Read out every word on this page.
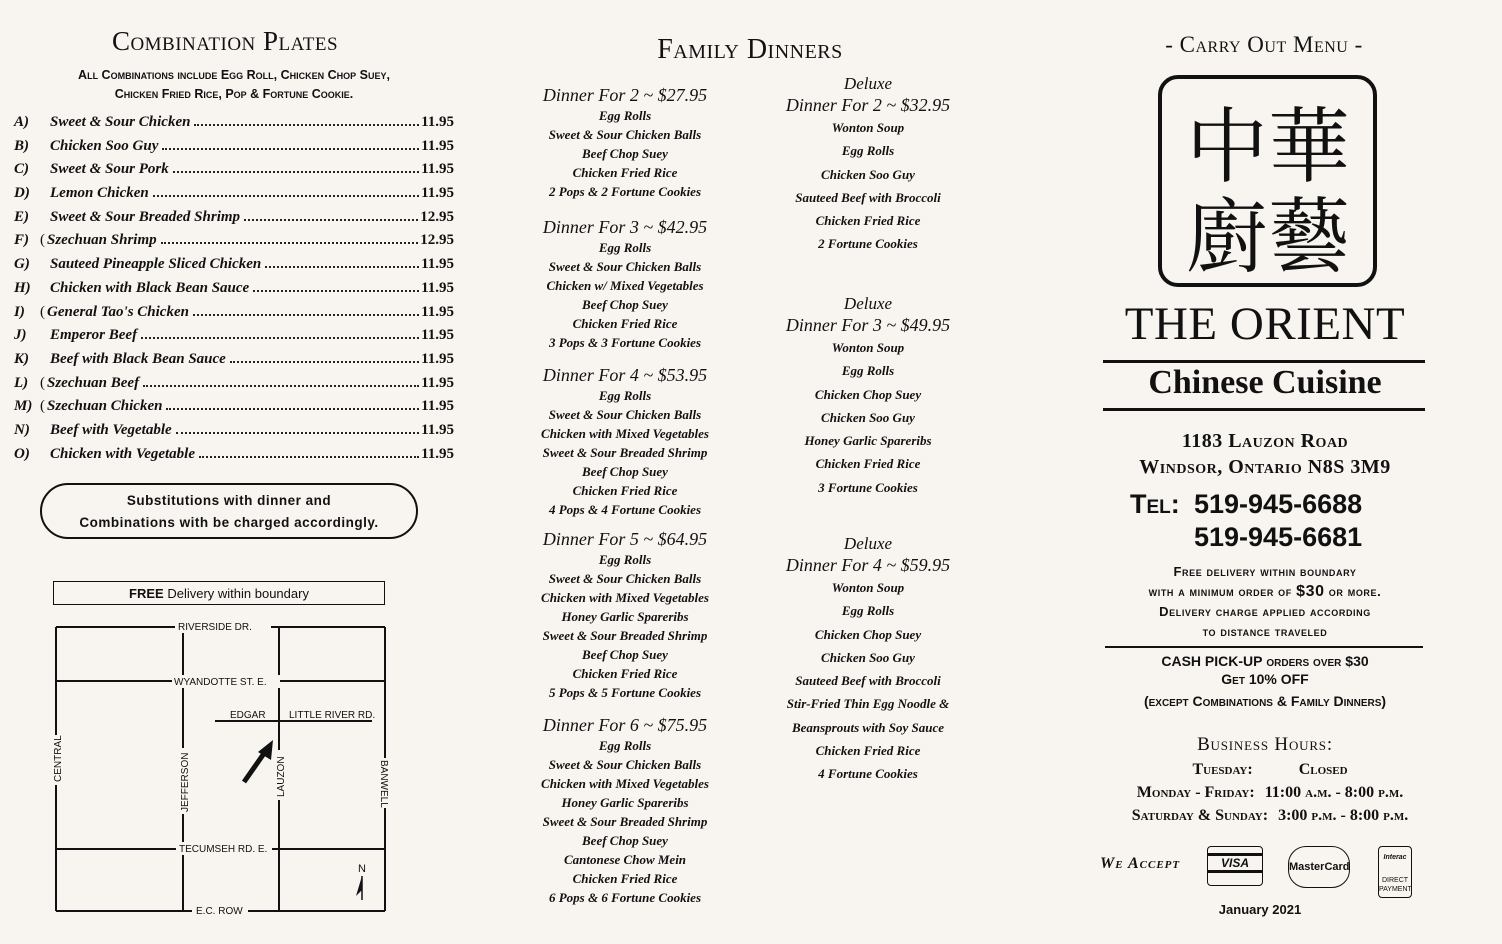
Combination Plates
All Combinations include Egg Roll, Chicken Chop Suey,
Chicken Fried Rice, Pop & Fortune Cookie.
A)	Sweet & Sour Chicken	11.95
B)	Chicken Soo Guy	11.95
C)	Sweet & Sour Pork	11.95
D)	Lemon Chicken	11.95
E)	Sweet & Sour Breaded Shrimp	12.95
F) ( Szechuan Shrimp	12.95
G)	Sauteed Pineapple Sliced Chicken	11.95
H)	Chicken with Black Bean Sauce	11.95
I)	( General Tao's Chicken	11.95
J)	Emperor Beef	11.95
K)	Beef with Black Bean Sauce	11.95
L) ( Szechuan Beef	11.95
M) ( Szechuan Chicken	11.95
N)	Beef with Vegetable	11.95
O)	Chicken with Vegetable	11.95
Substitutions with dinner and
Combinations with be charged accordingly.
FREE Delivery within boundary
RIVERSIDE DR.
WYANDOTTE ST. E.
EDGAR LITTLE RIVER RD.
CENTRAL	JEFFERSON	LAUZON	BANWELL
TECUMSEH RD. E.
E.C. ROW
N
Family Dinners
Dinner For 2 ~ $27.95
Egg Rolls
Sweet & Sour Chicken Balls
Beef Chop Suey
Chicken Fried Rice
2 Pops & 2 Fortune Cookies
Dinner For 3 ~ $42.95
Egg Rolls
Sweet & Sour Chicken Balls
Chicken w/ Mixed Vegetables
Beef Chop Suey
Chicken Fried Rice
3 Pops & 3 Fortune Cookies
Dinner For 4 ~ $53.95
Egg Rolls
Sweet & Sour Chicken Balls
Chicken with Mixed Vegetables
Sweet & Sour Breaded Shrimp
Beef Chop Suey
Chicken Fried Rice
4 Pops & 4 Fortune Cookies
Dinner For 5 ~ $64.95
Egg Rolls
Sweet & Sour Chicken Balls
Chicken with Mixed Vegetables
Honey Garlic Spareribs
Sweet & Sour Breaded Shrimp
Beef Chop Suey
Chicken Fried Rice
5 Pops & 5 Fortune Cookies
Dinner For 6 ~ $75.95
Egg Rolls
Sweet & Sour Chicken Balls
Chicken with Mixed Vegetables
Honey Garlic Spareribs
Sweet & Sour Breaded Shrimp
Beef Chop Suey
Cantonese Chow Mein
Chicken Fried Rice
6 Pops & 6 Fortune Cookies
Deluxe
Dinner For 2 ~ $32.95
Wonton Soup
Egg Rolls
Chicken Soo Guy
Sauteed Beef with Broccoli
Chicken Fried Rice
2 Fortune Cookies
Deluxe
Dinner For 3 ~ $49.95
Wonton Soup
Egg Rolls
Chicken Chop Suey
Chicken Soo Guy
Honey Garlic Spareribs
Chicken Fried Rice
3 Fortune Cookies
Deluxe
Dinner For 4 ~ $59.95
Wonton Soup
Egg Rolls
Chicken Chop Suey
Chicken Soo Guy
Sauteed Beef with Broccoli
Stir-Fried Thin Egg Noodle &
Beansprouts with Soy Sauce
Chicken Fried Rice
4 Fortune Cookies
- Carry Out Menu -
中華
廚藝
THE ORIENT
Chinese Cuisine
1183 Lauzon Road
Windsor, Ontario N8S 3M9
Tel: 519-945-6688
519-945-6681
Free delivery within boundary
with a minimum order of $30 or more.
Delivery charge applied according
to distance traveled
CASH PICK-UP orders over $30
Get 10% OFF
(except Combinations & Family Dinners)
Business Hours:
Tuesday:	Closed
Monday - Friday: 11:00 a.m. - 8:00 p.m.
Saturday & Sunday: 3:00 p.m. - 8:00 p.m.
We Accept	VISA	MasterCard
Interac
DIRECT PAYMENT
January 2021
